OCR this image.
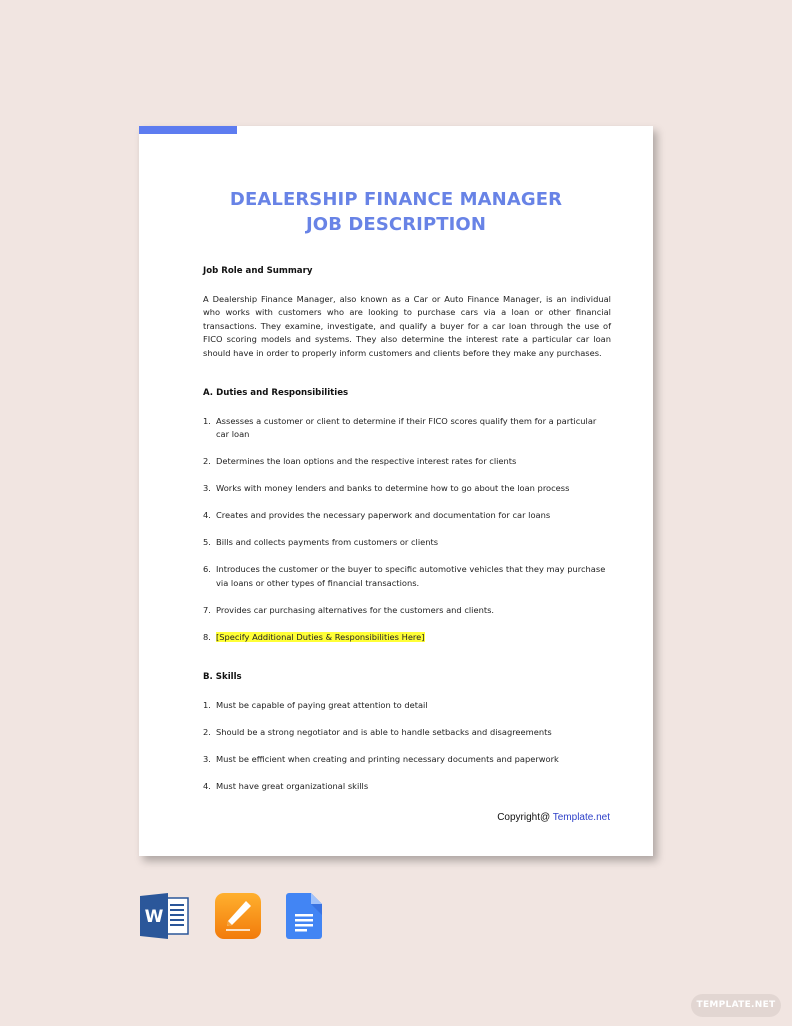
DEALERSHIP FINANCE MANAGER
JOB DESCRIPTION
Job Role and Summary
A Dealership Finance Manager, also known as a Car or Auto Finance Manager, is an individual who works with customers who are looking to purchase cars via a loan or other financial transactions. They examine, investigate, and qualify a buyer for a car loan through the use of FICO scoring models and systems. They also determine the interest rate a particular car loan should have in order to properly inform customers and clients before they make any purchases.
A. Duties and Responsibilities
1. Assesses a customer or client to determine if their FICO scores qualify them for a particular car loan
2. Determines the loan options and the respective interest rates for clients
3. Works with money lenders and banks to determine how to go about the loan process
4. Creates and provides the necessary paperwork and documentation for car loans
5. Bills and collects payments from customers or clients
6. Introduces the customer or the buyer to specific automotive vehicles that they may purchase via loans or other types of financial transactions.
7. Provides car purchasing alternatives for the customers and clients.
8. [Specify Additional Duties & Responsibilities Here]
B. Skills
1. Must be capable of paying great attention to detail
2. Should be a strong negotiator and is able to handle setbacks and disagreements
3. Must be efficient when creating and printing necessary documents and paperwork
4. Must have great organizational skills
Copyright@ Template.net
W
TEMPLATE.NET
